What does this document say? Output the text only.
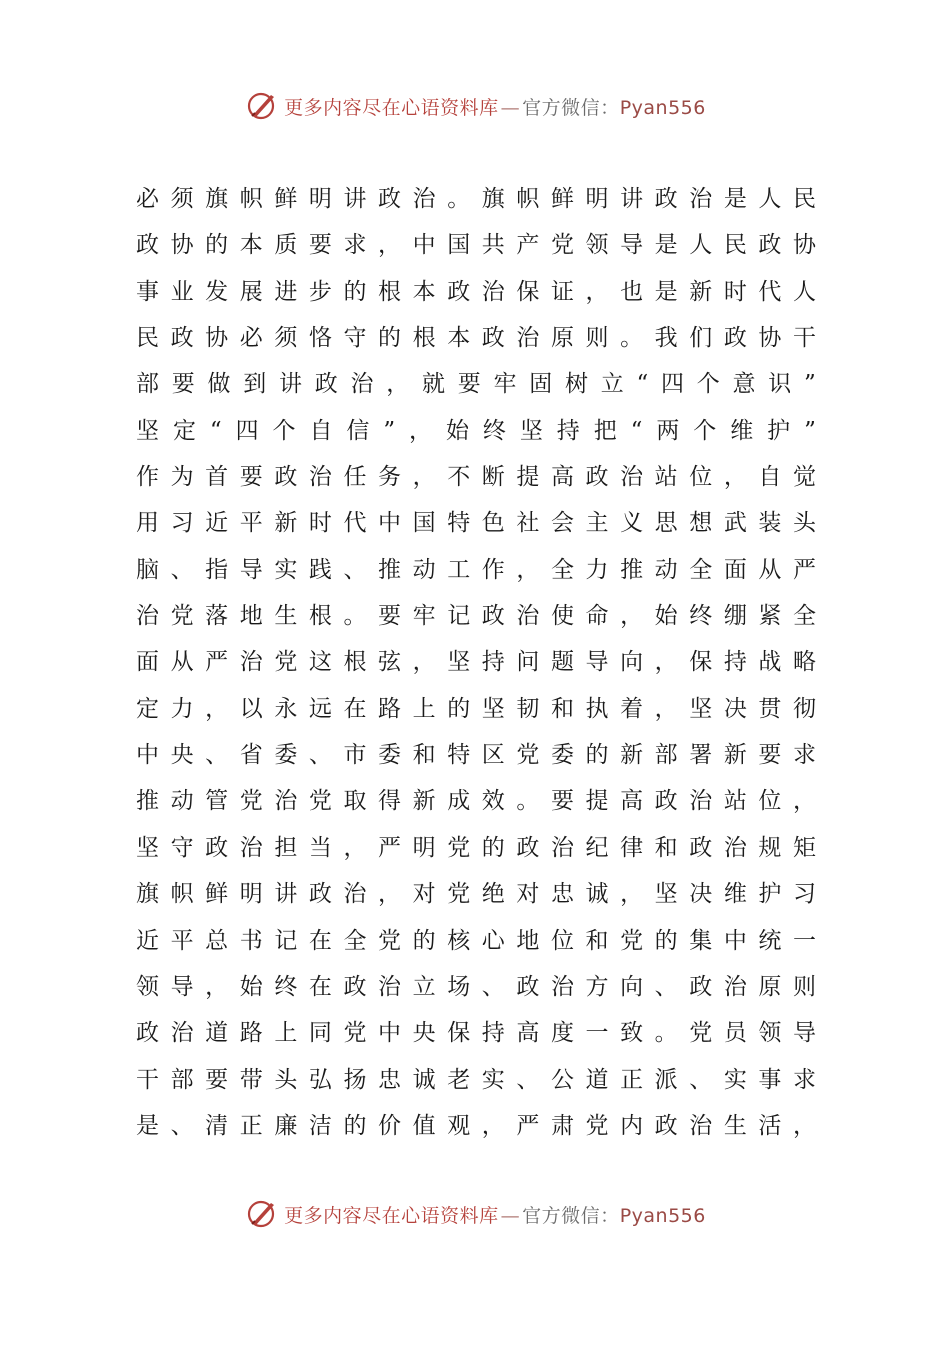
更多内容尽在心语资料库 — 官方微信：Pyan556
必 须 旗 帜 鲜 明 讲 政 治 。 旗 帜 鲜 明 讲 政 治 是 人 民
政 协 的 本 质 要 求 ， 中 国 共 产 党 领 导 是 人 民 政 协
事 业 发 展 进 步 的 根 本 政 治 保 证 ， 也 是 新 时 代 人
民 政 协 必 须 恪 守 的 根 本 政 治 原 则 。 我 们 政 协 干
部 要 做 到 讲 政 治 ， 就 要 牢 固 树 立 “ 四 个 意 识 ”
坚 定 “ 四 个 自 信 ” ， 始 终 坚 持 把 “ 两 个 维 护 ”
作 为 首 要 政 治 任 务 ， 不 断 提 高 政 治 站 位 ， 自 觉
用 习 近 平 新 时 代 中 国 特 色 社 会 主 义 思 想 武 装 头
脑 、 指 导 实 践 、 推 动 工 作 ， 全 力 推 动 全 面 从 严
治 党 落 地 生 根 。 要 牢 记 政 治 使 命 ， 始 终 绷 紧 全
面 从 严 治 党 这 根 弦 ， 坚 持 问 题 导 向 ， 保 持 战 略
定 力 ， 以 永 远 在 路 上 的 坚 韧 和 执 着 ， 坚 决 贯 彻
中 央 、 省 委 、 市 委 和 特 区 党 委 的 新 部 署 新 要 求
推 动 管 党 治 党 取 得 新 成 效 。 要 提 高 政 治 站 位 ，
坚 守 政 治 担 当 ， 严 明 党 的 政 治 纪 律 和 政 治 规 矩
旗 帜 鲜 明 讲 政 治 ， 对 党 绝 对 忠 诚 ， 坚 决 维 护 习
近 平 总 书 记 在 全 党 的 核 心 地 位 和 党 的 集 中 统 一
领 导 ， 始 终 在 政 治 立 场 、 政 治 方 向 、 政 治 原 则
政 治 道 路 上 同 党 中 央 保 持 高 度 一 致 。 党 员 领 导
干 部 要 带 头 弘 扬 忠 诚 老 实 、 公 道 正 派 、 实 事 求
是 、 清 正 廉 洁 的 价 值 观 ， 严 肃 党 内 政 治 生 活 ，
更多内容尽在心语资料库 — 官方微信：Pyan556
